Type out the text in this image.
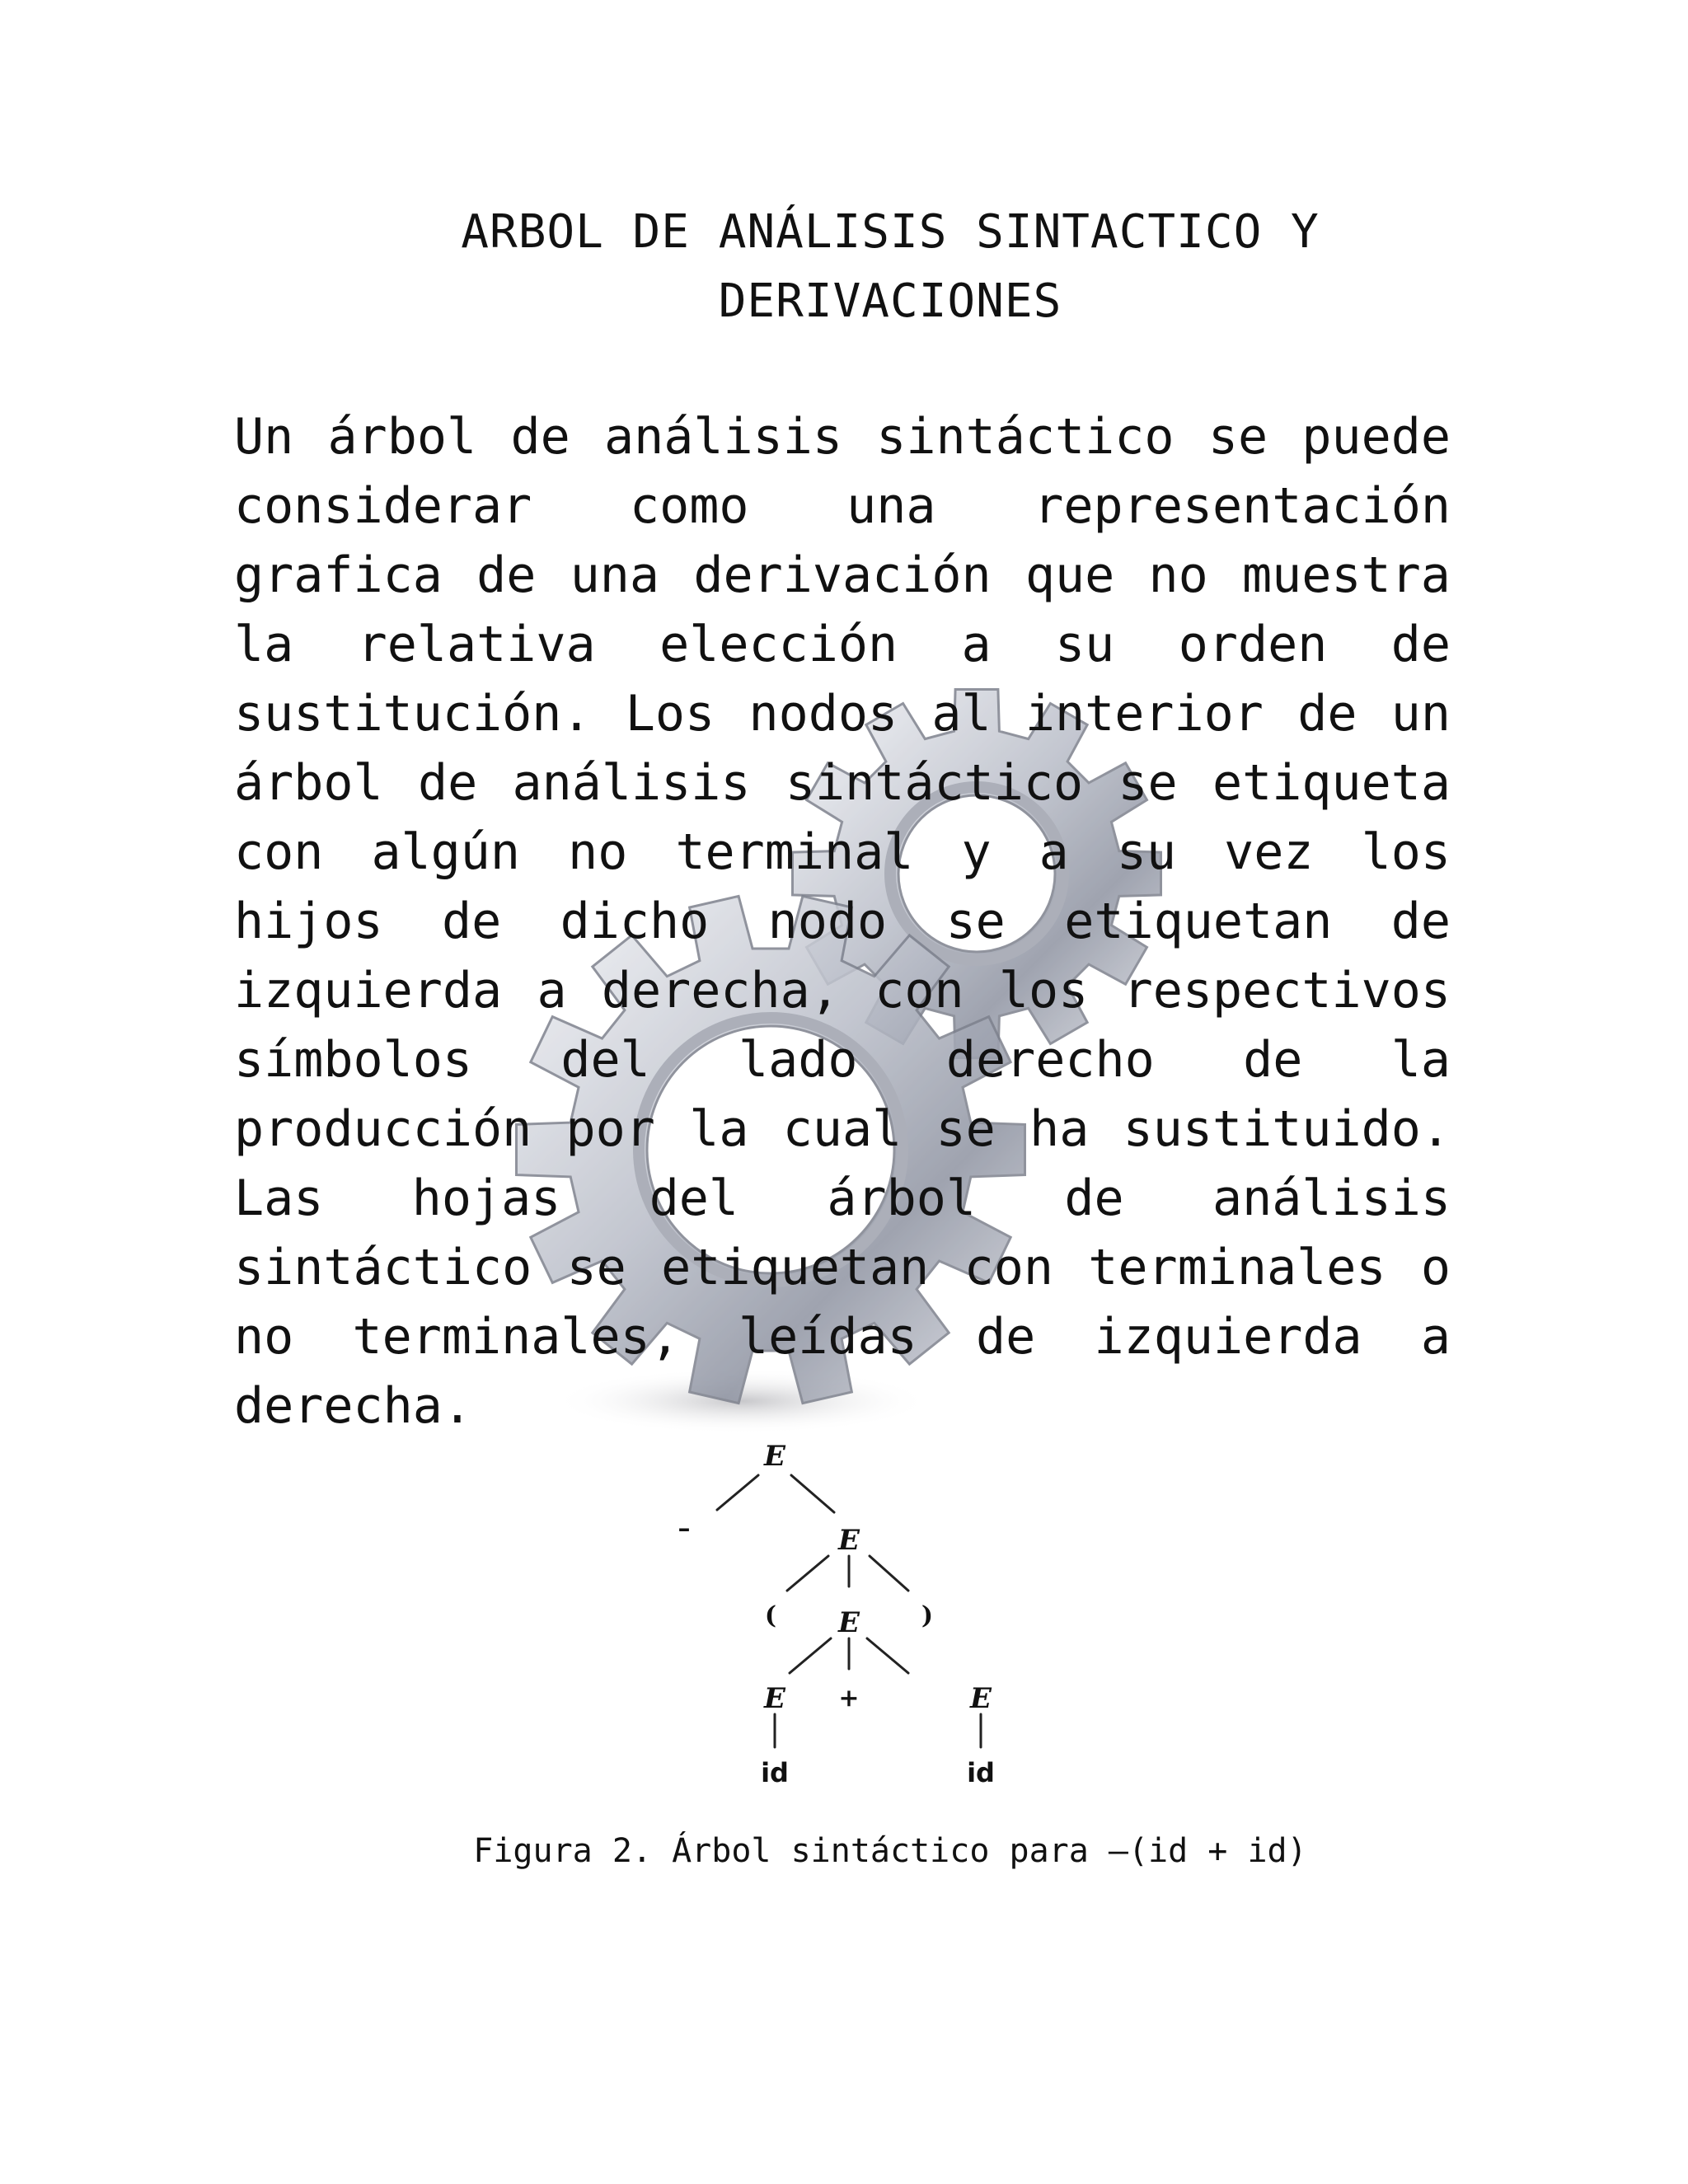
ARBOL DE ANÁLISIS SINTACTICO Y
DERIVACIONES
Un árbol de análisis sintáctico se puede
considerar como una representación
grafica de una derivación que no muestra
la relativa elección a su orden de
sustitución. Los nodos al interior de un
árbol de análisis sintáctico se etiqueta
con algún no terminal y a su vez los
hijos de dicho nodo se etiquetan de
izquierda a derecha, con los respectivos
símbolos del lado derecho de la
producción por la cual se ha sustituido.
Las hojas del árbol de análisis
sintáctico se etiquetan con terminales o
no terminales, leídas de izquierda a
derecha.
E
–	E
( E )
E +	E
id	id
Figura 2. Árbol sintáctico para –(id + id)
